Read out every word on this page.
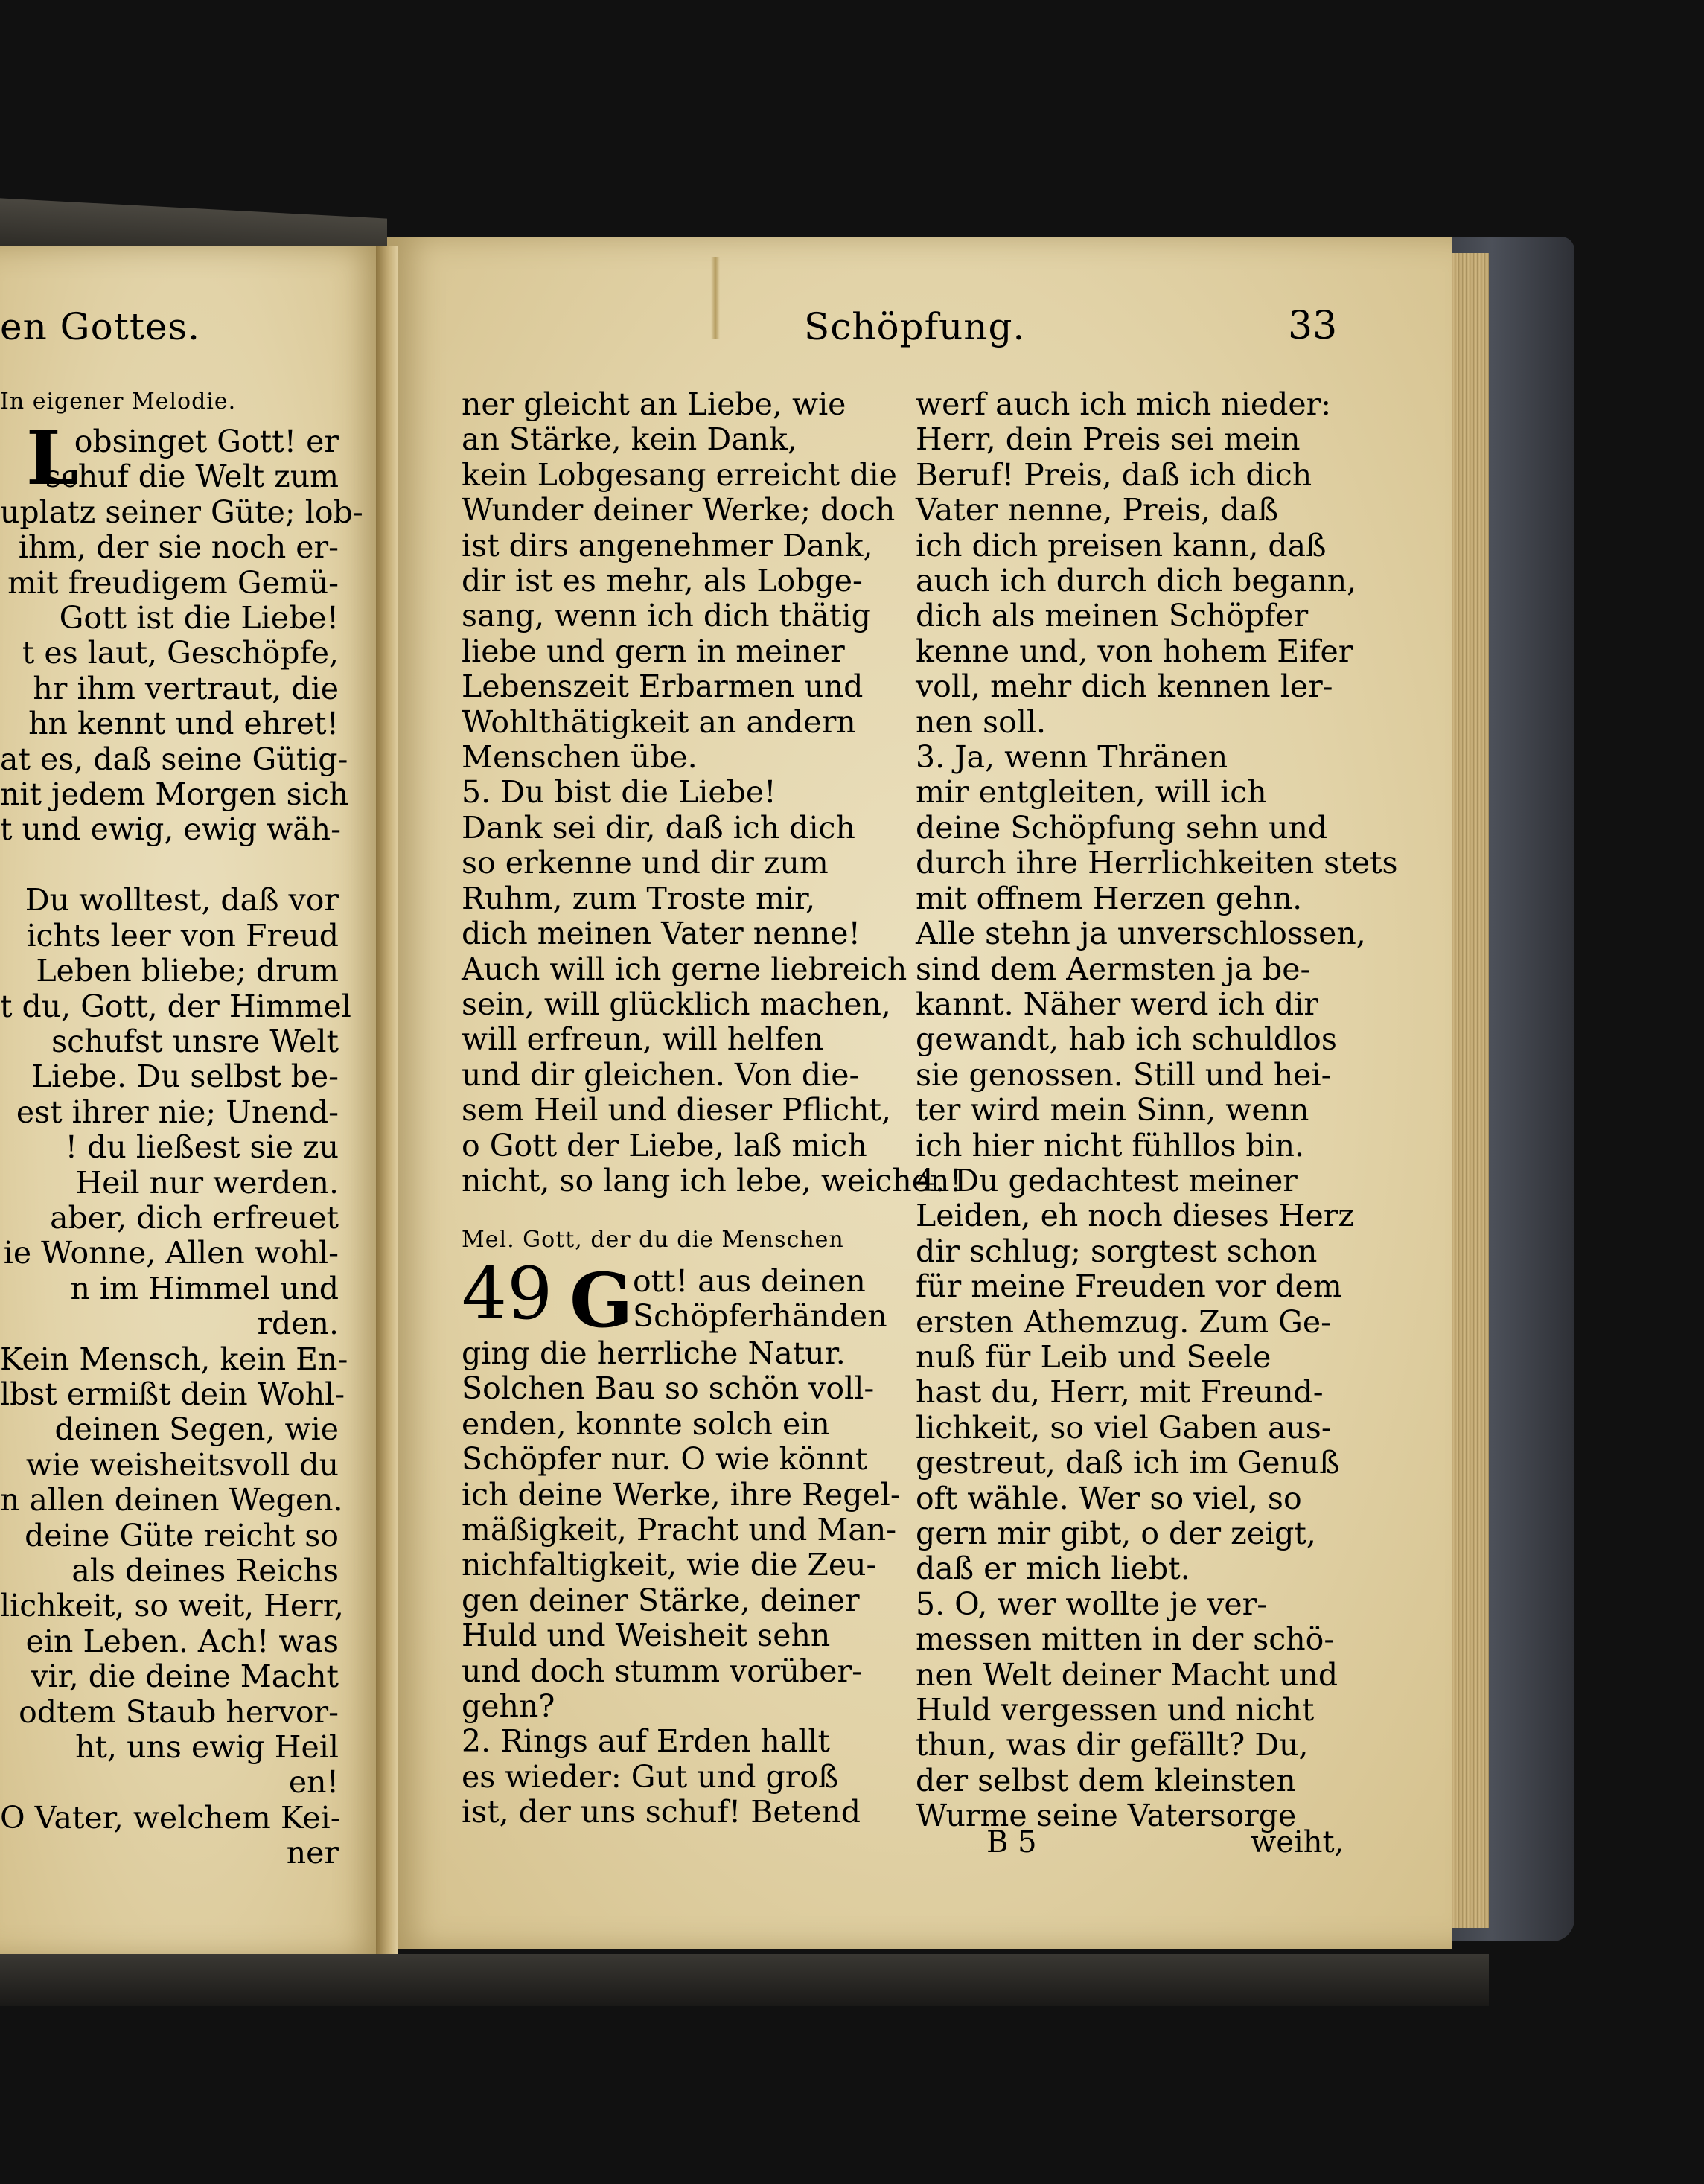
en Gottes.
In eigener Melodie.
L
obsinget Gott! er
schuf die Welt zum
uplatz seiner Güte; lob-
ihm, der sie noch er-
mit freudigem Gemü-
Gott ist die Liebe!
t es laut, Geschöpfe,
hr ihm vertraut, die
hn kennt und ehret!
at es, daß seine Gütig-
nit jedem Morgen sich
t und ewig, ewig wäh-

Du wolltest, daß vor
ichts leer von Freud
Leben bliebe; drum
t du, Gott, der Himmel
schufst unsre Welt
Liebe. Du selbst be-
est ihrer nie; Unend-
! du ließest sie zu
Heil nur werden.
aber, dich erfreuet
ie Wonne, Allen wohl-
n im Himmel und
rden.
Kein Mensch, kein En-
lbst ermißt dein Wohl-
deinen Segen, wie
wie weisheitsvoll du
n allen deinen Wegen.
deine Güte reicht so
als deines Reichs
lichkeit, so weit, Herr,
ein Leben. Ach! was
vir, die deine Macht
odtem Staub hervor-
ht, uns ewig Heil
en!
O Vater, welchem Kei-
ner
Schöpfung.	33
ner gleicht an Liebe, wie
an Stärke, kein Dank,
kein Lobgesang erreicht die
Wunder deiner Werke; doch
ist dirs angenehmer Dank,
dir ist es mehr, als Lobge-
sang, wenn ich dich thätig
liebe und gern in meiner
Lebenszeit Erbarmen und
Wohlthätigkeit an andern
Menschen übe.
5. Du bist die Liebe!
Dank sei dir, daß ich dich
so erkenne und dir zum
Ruhm, zum Troste mir,
dich meinen Vater nenne!
Auch will ich gerne liebreich
sein, will glücklich machen,
will erfreun, will helfen
und dir gleichen. Von die-
sem Heil und dieser Pflicht,
o Gott der Liebe, laß mich
nicht, so lang ich lebe, weichen!
Mel. Gott, der du die Menschen
49 G ott! aus deinen
Schöpferhänden
ging die herrliche Natur.
Solchen Bau so schön voll-
enden, konnte solch ein
Schöpfer nur. O wie könnt
ich deine Werke, ihre Regel-
mäßigkeit, Pracht und Man-
nichfaltigkeit, wie die Zeu-
gen deiner Stärke, deiner
Huld und Weisheit sehn
und doch stumm vorüber-
gehn?
2. Rings auf Erden hallt
es wieder: Gut und groß
ist, der uns schuf! Betend
werf auch ich mich nieder:
Herr, dein Preis sei mein
Beruf! Preis, daß ich dich
Vater nenne, Preis, daß
ich dich preisen kann, daß
auch ich durch dich begann,
dich als meinen Schöpfer
kenne und, von hohem Eifer
voll, mehr dich kennen ler-
nen soll.
3. Ja, wenn Thränen
mir entgleiten, will ich
deine Schöpfung sehn und
durch ihre Herrlichkeiten stets
mit offnem Herzen gehn.
Alle stehn ja unverschlossen,
sind dem Aermsten ja be-
kannt. Näher werd ich dir
gewandt, hab ich schuldlos
sie genossen. Still und hei-
ter wird mein Sinn, wenn
ich hier nicht fühllos bin.
4. Du gedachtest meiner
Leiden, eh noch dieses Herz
dir schlug; sorgtest schon
für meine Freuden vor dem
ersten Athemzug. Zum Ge-
nuß für Leib und Seele
hast du, Herr, mit Freund-
lichkeit, so viel Gaben aus-
gestreut, daß ich im Genuß
oft wähle. Wer so viel, so
gern mir gibt, o der zeigt,
daß er mich liebt.
5. O, wer wollte je ver-
messen mitten in der schö-
nen Welt deiner Macht und
Huld vergessen und nicht
thun, was dir gefällt? Du,
der selbst dem kleinsten
Wurme seine Vatersorge
B 5	weiht,
